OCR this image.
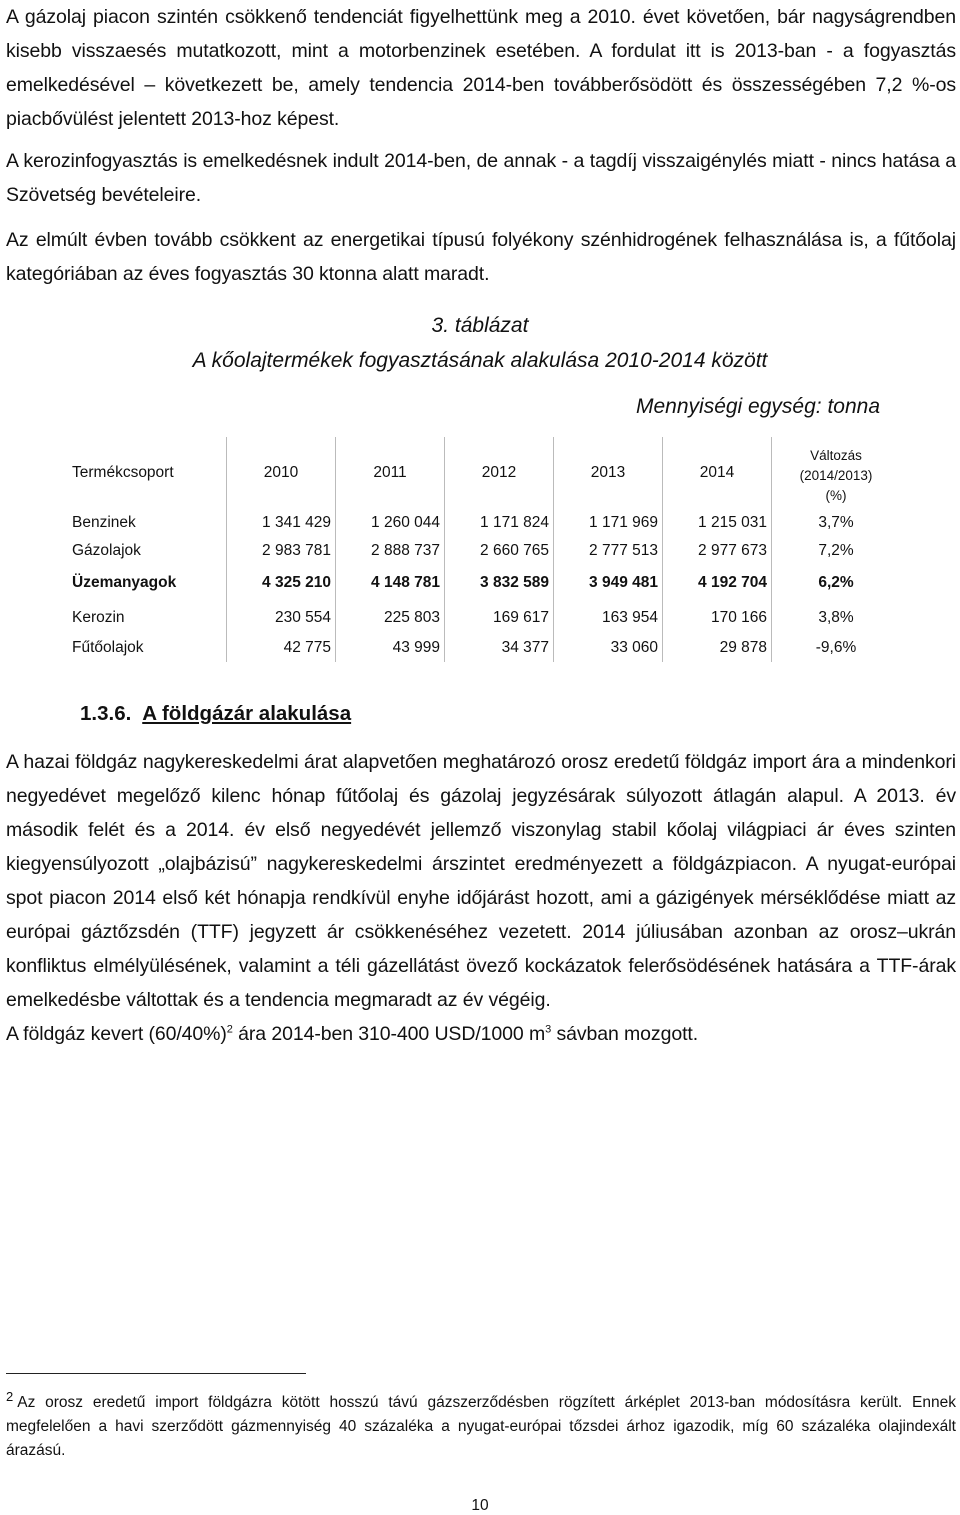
A gázolaj piacon szintén csökkenő tendenciát figyelhettünk meg a 2010. évet követően, bár nagyságrendben kisebb visszaesés mutatkozott, mint a motorbenzinek esetében. A fordulat itt is 2013-ban - a fogyasztás emelkedésével – következett be, amely tendencia 2014-ben továbberősödött és összességében 7,2 %-os piacbővülést jelentett 2013-hoz képest.

A kerozinfogyasztás is emelkedésnek indult 2014-ben, de annak - a tagdíj visszaigénylés miatt - nincs hatása a Szövetség bevételeire.

Az elmúlt évben tovább csökkent az energetikai típusú folyékony szénhidrogének felhasználása is, a fűtőolaj kategóriában az éves fogyasztás 30 ktonna alatt maradt.

3. táblázat
A kőolajtermékek fogyasztásának alakulása 2010-2014 között
Mennyiségi egység: tonna
Termékcsoport	2010	2011	2012	2013	2014	Változás
(2014/2013)
(%)

Benzinek	1 341 429	1 260 044	1 171 824	1 171 969	1 215 031	3,7%
Gázolajok	2 983 781	2 888 737	2 660 765	2 777 513	2 977 673	7,2%
Üzemanyagok	4 325 210	4 148 781	3 832 589	3 949 481	4 192 704	6,2%
Kerozin	230 554	225 803	169 617	163 954	170 166	3,8%
Fűtőolajok	42 775	43 999	34 377	33 060	29 878	-9,6%
1.3.6. A földgázár alakulása

A hazai földgáz nagykereskedelmi árat alapvetően meghatározó orosz eredetű földgáz import ára a mindenkori negyedévet megelőző kilenc hónap fűtőolaj és gázolaj jegyzésárak súlyozott átlagán alapul. A 2013. év második felét és a 2014. év első negyedévét jellemző viszonylag stabil kőolaj világpiaci ár éves szinten kiegyensúlyozott „olajbázisú” nagykereskedelmi árszintet eredményezett a földgázpiacon. A nyugat-európai spot piacon 2014 első két hónapja rendkívül enyhe időjárást hozott, ami a gázigények mérséklődése miatt az európai gáztőzsdén (TTF) jegyzett ár csökkenéséhez vezetett. 2014 júliusában azonban az orosz–ukrán konfliktus elmélyülésének, valamint a téli gázellátást övező kockázatok felerősödésének hatására a TTF-árak emelkedésbe váltottak és a tendencia megmaradt az év végéig.
A földgáz kevert $(60/40\%)^2$ ára 2014-ben 310-400 USD/1000 $m^3$ sávban mozgott.

$^2$ Az orosz eredetű import földgázra kötött hosszú távú gázszerződésben rögzített árképlet 2013-ban módosításra került. Ennek megfelelően a havi szerződött gázmennyiség 40 százaléka a nyugat-európai tőzsdei árhoz igazodik, míg 60 százaléka olajindexált árazású.

10
